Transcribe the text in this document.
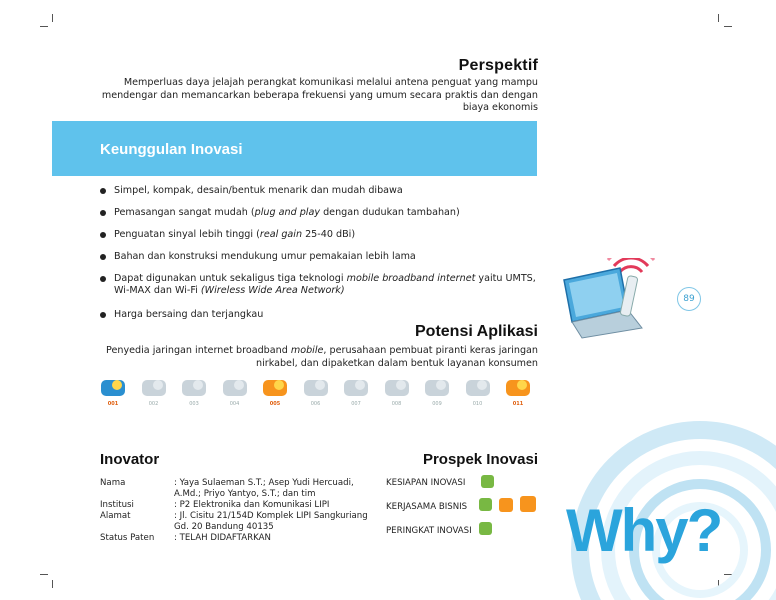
Perspektif
Memperluas daya jelajah perangkat komunikasi melalui antena penguat yang mampu mendengar dan memancarkan beberapa frekuensi yang umum secara praktis dan dengan biaya ekonomis
Keunggulan Inovasi
Simpel, kompak, desain/bentuk menarik dan mudah dibawa
Pemasangan sangat mudah (plug and play dengan dudukan tambahan)
Penguatan sinyal lebih tinggi (real gain 25-40 dBi)
Bahan dan konstruksi mendukung umur pemakaian lebih lama
Dapat digunakan untuk sekaligus tiga teknologi mobile broadband internet yaitu UMTS, Wi-MAX dan Wi-Fi (Wireless Wide Area Network)
Harga bersaing dan terjangkau
89
Potensi Aplikasi
Penyedia jaringan internet broadband mobile, perusahaan pembuat piranti keras jaringan nirkabel, dan dipaketkan dalam bentuk layanan konsumen
001	002	003	004	005	006	007	008	009	010	011
Inovator
Nama	: Yaya Sulaeman S.T.; Asep Yudi Hercuadi, A.Md.; Priyo Yantyo, S.T.; dan tim
Institusi	: P2 Elektronika dan Komunikasi LIPI
Alamat	: Jl. Cisitu 21/154D Komplek LIPI Sangkuriang Gd. 20 Bandung 40135
Status Paten	: TELAH DIDAFTARKAN
Prospek Inovasi
KESIAPAN INOVASI
KERJASAMA BISNIS
PERINGKAT INOVASI Why?
